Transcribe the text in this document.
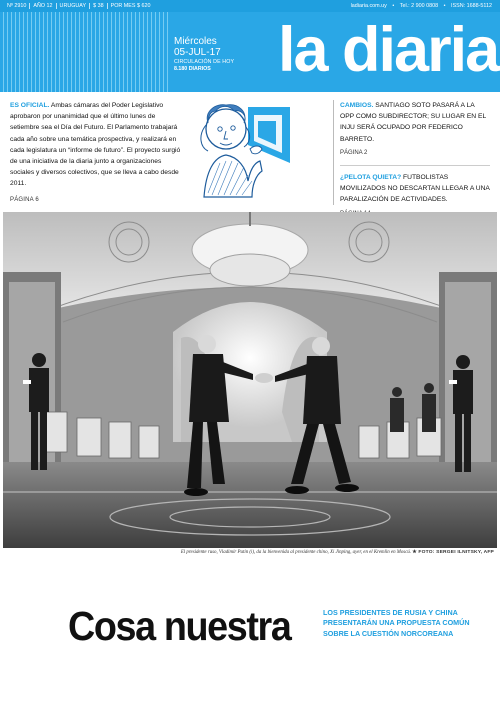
Nº 2910 AÑO 12 URUGUAY $ 38 POR MES $ 620	ladiaria.com.uy • Tel.: 2 900 0808 • ISSN: 1688-5112
Miércoles
05-JUL-17
CIRCULACIÓN DE HOY
8.180 DIARIOS	la diaria
ES OFICIAL. Ambas cámaras del Poder Legislativo aprobaron por unanimidad que el último lunes de setiembre sea el Día del Futuro. El Parlamento trabajará cada año sobre una temática prospectiva, y realizará en cada legislatura un “informe de futuro”. El proyecto surgió de una iniciativa de la diaria junto a organizaciones sociales y diversos colectivos, que se lleva a cabo desde 2011.
PÁGINA 6
CAMBIOS. SANTIAGO SOTO PASARÁ A LA OPP COMO SUBDIRECTOR; SU LUGAR EN EL INJU SERÁ OCUPADO POR FEDERICO BARRETO.
PÁGINA 2
¿PELOTA QUIETA? FUTBOLISTAS MOVILIZADOS NO DESCARTAN LLEGAR A UNA PARALIZACIÓN DE ACTIVIDADES.
El presidente ruso, Vladimir Putin (i), da la bienvenida al presidente chino, Xi Jinping, ayer, en el Kremlin en Moscú. ★ FOTO: SERGEI ILNITSKY, AFP
Cosa nuestra	LOS PRESIDENTES DE RUSIA Y CHINA PRESENTARÁN UNA PROPUESTA COMÚN SOBRE LA CUESTIÓN NORCOREANA
